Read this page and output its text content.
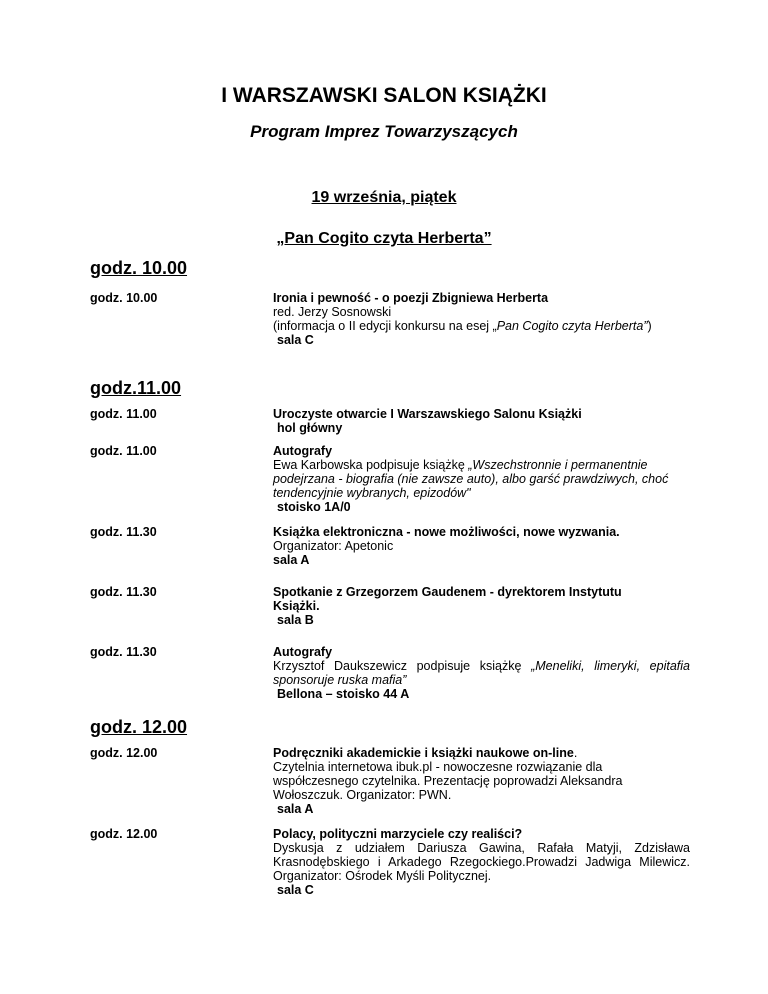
I WARSZAWSKI SALON KSIĄŻKI
Program Imprez Towarzyszących
19 września, piątek
„Pan Cogito czyta Herberta”
godz. 10.00
godz. 10.00	Ironia i pewność - o poezji Zbigniewa Herberta
red. Jerzy Sosnowski
(informacja o II edycji konkursu na esej „Pan Cogito czyta Herberta”)
sala C
godz.11.00
godz. 11.00	Uroczyste otwarcie I Warszawskiego Salonu Książki
hol główny
godz. 11.00	Autografy
Ewa Karbowska podpisuje książkę „Wszechstronnie i permanentnie podejrzana - biografia (nie zawsze auto), albo garść prawdziwych, choć tendencyjnie wybranych, epizodów"
stoisko 1A/0
godz. 11.30	Książka elektroniczna - nowe możliwości, nowe wyzwania.
Organizator: Apetonic
sala A
godz. 11.30	Spotkanie z Grzegorzem Gaudenem - dyrektorem Instytutu Książki.
sala B
godz. 11.30	Autografy
Krzysztof Daukszewicz podpisuje książkę „Meneliki, limeryki, epitafia sponsoruje ruska mafia”
Bellona – stoisko 44 A
godz. 12.00
godz. 12.00	Podręczniki akademickie i książki naukowe on-line.
Czytelnia internetowa ibuk.pl - nowoczesne rozwiązanie dla współczesnego czytelnika. Prezentację poprowadzi Aleksandra Wołoszczuk. Organizator: PWN.
sala A
godz. 12.00	Polacy, polityczni marzyciele czy realiści?
Dyskusja z udziałem Dariusza Gawina, Rafała Matyji, Zdzisława Krasnodębskiego i Arkadego Rzegockiego.Prowadzi Jadwiga Milewicz. Organizator: Ośrodek Myśli Politycznej.
sala C
